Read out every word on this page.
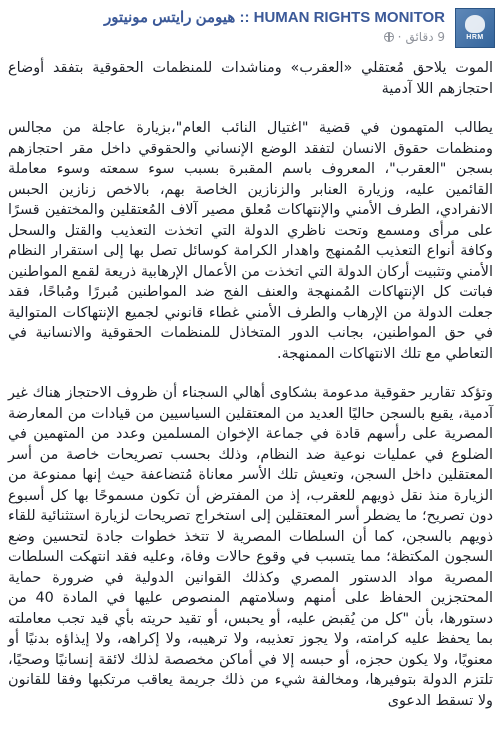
HRM
HUMAN RIGHTS MONITOR :: هيومن رايتس مونيتور
9 دقائق
·

الموت يلاحق مُعتقلي «العقرب» ومناشدات للمنظمات الحقوقية بتفقد أوضاع احتجازهم اللا آدمية

يطالب المتهمون في قضية "اغتيال النائب العام"،بزيارة عاجلة من مجالس ومنظمات حقوق الانسان لتفقد الوضع الإنساني والحقوقي داخل مقر احتجازهم بسجن "العقرب"، المعروف باسم المقبرة بسبب سوء سمعته وسوء معاملة القائمين عليه، وزيارة العنابر والزنازين الخاصة بهم، بالاخص زنازين الحبس الانفرادي، الطرف الأمني والإنتهاكات مُعلق مصير آلاف المُعتقلين والمختفين قسرًا على مرأى ومسمع وتحت ناظري الدولة التي اتخذت التعذيب والقتل والسحل وكافة أنواع التعذيب المُمنهج واهدار الكرامة كوسائل تصل بها إلى استقرار النظام الأمني وتثبيت أركان الدولة التي اتخذت من الأعمال الإرهابية ذريعة لقمع المواطنين فباتت كل الإنتهاكات المُمنهجة والعنف الفج ضد المواطنين مُبررًا ومُباحًا، فقد جعلت الدولة من الإرهاب والطرف الأمني غطاء قانوني لجميع الإنتهاكات المتوالية في حق المواطنين، بجانب الدور المتخاذل للمنظمات الحقوقية والانسانية في التعاطي مع تلك الانتهاكات الممنهجة.

وتؤكد تقارير حقوقية مدعومة بشكاوى أهالي السجناء أن ظروف الاحتجاز هناك غير آدمية، يقبع بالسجن حاليًا العديد من المعتقلين السياسيين من قيادات من المعارضة المصرية على رأسهم قادة في جماعة الإخوان المسلمين وعدد من المتهمين في الضلوع في عمليات نوعية ضد النظام، وذلك بحسب تصريحات خاصة من أسر المعتقلين داخل السجن، وتعيش تلك الأسر معاناة مُتضاعفة حيث إنها ممنوعة من الزيارة منذ نقل ذويهم للعقرب، إذ من المفترض أن تكون مسموحًا بها كل أسبوع دون تصريح؛ ما يضطر أسر المعتقلين إلى استخراج تصريحات لزيارة استثنائية للقاء ذويهم بالسجن، كما أن السلطات المصرية لا تتخذ خطوات جادة لتحسين وضع السجون المكتظة؛ مما يتسبب في وقوع حالات وفاة، وعليه فقد انتهكت السلطات المصرية مواد الدستور المصري وكذلك القوانين الدولية في ضرورة حماية المحتجزين الحفاظ على أمنهم وسلامتهم المنصوص عليها في المادة 40 من دستورها، بأن "كل من يُقبض عليه، أو يحبس، أو تقيد حريته بأي قيد تجب معاملته بما يحفظ عليه كرامته، ولا يجوز تعذيبه، ولا ترهيبه، ولا إكراهه، ولا إيذاؤه بدنيًا أو معنويًا، ولا يكون حجزه، أو حبسه إلا في أماكن مخصصة لذلك لائقة إنسانيًا وصحيًا، تلتزم الدولة بتوفيرها، ومخالفة شيء من ذلك جريمة يعاقب مرتكبها وفقا للقانون ولا تسقط الدعوى
